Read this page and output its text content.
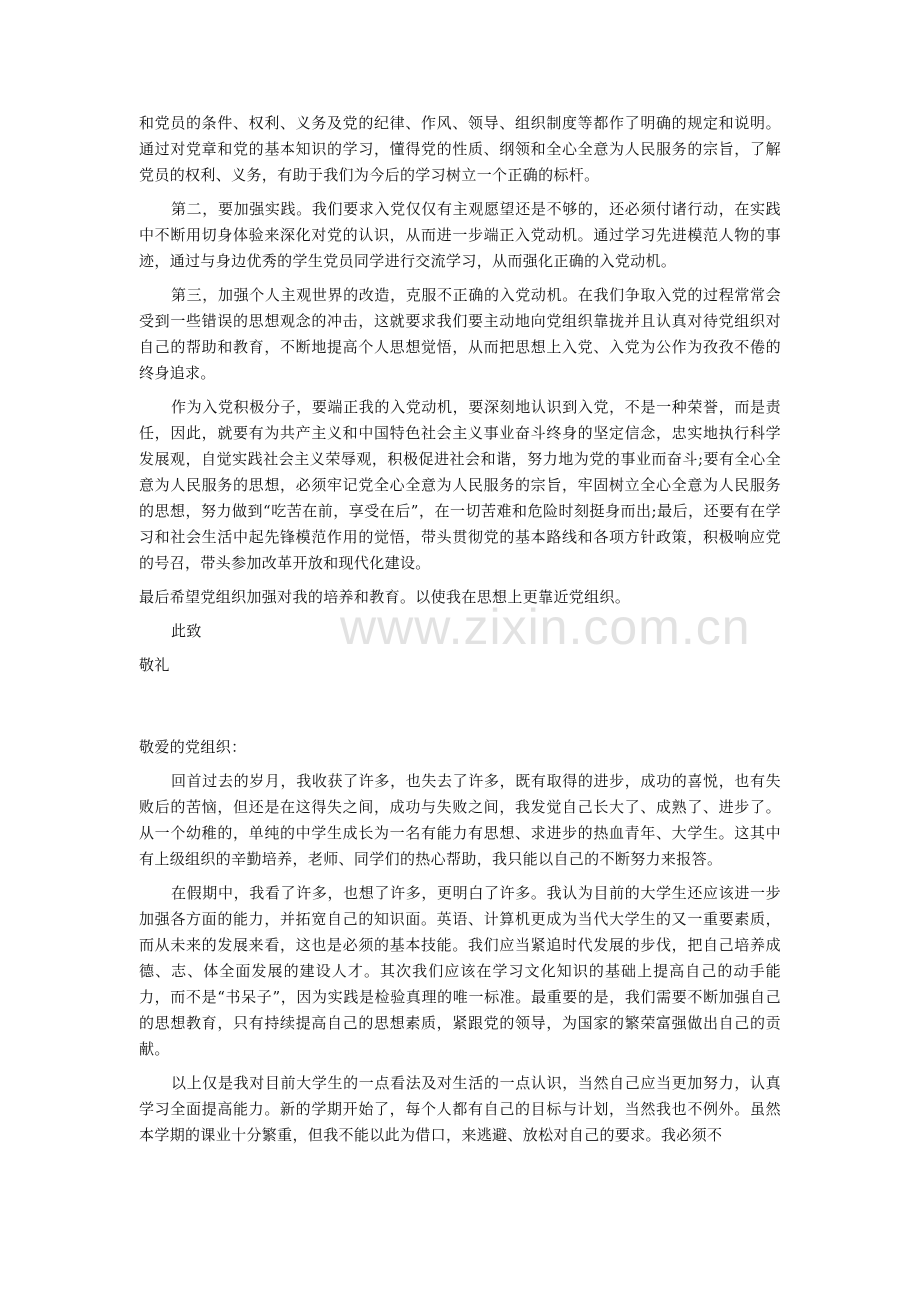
和党员的条件、权利、义务及党的纪律、作风、领导、组织制度等都作了明确的规定和说明。通过对党章和党的基本知识的学习，懂得党的性质、纲领和全心全意为人民服务的宗旨，了解党员的权利、义务，有助于我们为今后的学习树立一个正确的标杆。

第二，要加强实践。我们要求入党仅仅有主观愿望还是不够的，还必须付诸行动，在实践中不断用切身体验来深化对党的认识，从而进一步端正入党动机。通过学习先进模范人物的事迹，通过与身边优秀的学生党员同学进行交流学习，从而强化正确的入党动机。

第三，加强个人主观世界的改造，克服不正确的入党动机。在我们争取入党的过程常常会受到一些错误的思想观念的冲击，这就要求我们要主动地向党组织靠拢并且认真对待党组织对自己的帮助和教育，不断地提高个人思想觉悟，从而把思想上入党、入党为公作为孜孜不倦的终身追求。

作为入党积极分子，要端正我的入党动机，要深刻地认识到入党，不是一种荣誉，而是责任，因此，就要有为共产主义和中国特色社会主义事业奋斗终身的坚定信念，忠实地执行科学发展观，自觉实践社会主义荣辱观，积极促进社会和谐，努力地为党的事业而奋斗;要有全心全意为人民服务的思想，必须牢记党全心全意为人民服务的宗旨，牢固树立全心全意为人民服务的思想，努力做到“吃苦在前，享受在后”，在一切苦难和危险时刻挺身而出;最后，还要有在学习和社会生活中起先锋模范作用的觉悟，带头贯彻党的基本路线和各项方针政策，积极响应党的号召，带头参加改革开放和现代化建设。

最后希望党组织加强对我的培养和教育。以使我在思想上更靠近党组织。

此致

敬礼

敬爱的党组织：

回首过去的岁月，我收获了许多，也失去了许多，既有取得的进步，成功的喜悦，也有失败后的苦恼，但还是在这得失之间，成功与失败之间，我发觉自己长大了、成熟了、进步了。从一个幼稚的，单纯的中学生成长为一名有能力有思想、求进步的热血青年、大学生。这其中有上级组织的辛勤培养，老师、同学们的热心帮助，我只能以自己的不断努力来报答。

在假期中，我看了许多，也想了许多，更明白了许多。我认为目前的大学生还应该进一步加强各方面的能力，并拓宽自己的知识面。英语、计算机更成为当代大学生的又一重要素质，而从未来的发展来看，这也是必须的基本技能。我们应当紧追时代发展的步伐，把自己培养成德、志、体全面发展的建设人才。其次我们应该在学习文化知识的基础上提高自己的动手能力，而不是“书呆子”，因为实践是检验真理的唯一标准。最重要的是，我们需要不断加强自己的思想教育，只有持续提高自己的思想素质，紧跟党的领导，为国家的繁荣富强做出自己的贡献。

以上仅是我对目前大学生的一点看法及对生活的一点认识，当然自己应当更加努力，认真学习全面提高能力。新的学期开始了，每个人都有自己的目标与计划，当然我也不例外。虽然本学期的课业十分繁重，但我不能以此为借口，来逃避、放松对自己的要求。我必须不

www.zixin.com.cn
